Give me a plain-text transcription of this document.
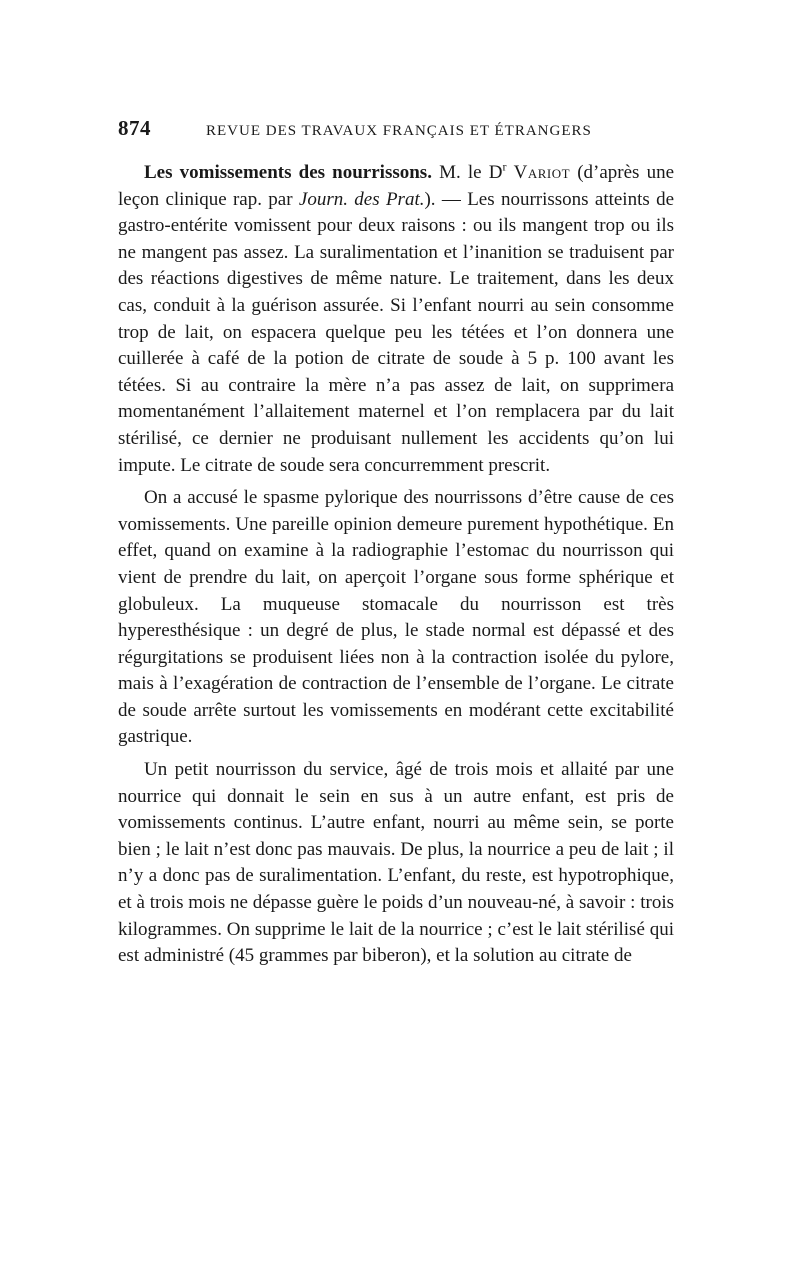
874	REVUE DES TRAVAUX FRANÇAIS ET ÉTRANGERS

Les vomissements des nourrissons. M. le $D^r$ Variot (d’après une leçon clinique rap. par Journ. des Prat.). — Les nourrissons atteints de gastro-entérite vomissent pour deux raisons : ou ils mangent trop ou ils ne mangent pas assez. La suralimentation et l’inanition se traduisent par des réactions digestives de même nature. Le traitement, dans les deux cas, conduit à la guérison assurée. Si l’enfant nourri au sein consomme trop de lait, on espacera quelque peu les tétées et l’on donnera une cuillerée à café de la potion de citrate de soude à 5 p. 100 avant les tétées. Si au contraire la mère n’a pas assez de lait, on supprimera momentanément l’allaitement maternel et l’on remplacera par du lait stérilisé, ce dernier ne produisant nullement les accidents qu’on lui impute. Le citrate de soude sera concurremment prescrit.

On a accusé le spasme pylorique des nourrissons d’être cause de ces vomissements. Une pareille opinion demeure purement hypothétique. En effet, quand on examine à la radiographie l’estomac du nourrisson qui vient de prendre du lait, on aperçoit l’organe sous forme sphérique et globuleux. La muqueuse stomacale du nourrisson est très hyperesthésique : un degré de plus, le stade normal est dépassé et des régurgitations se produisent liées non à la contraction isolée du pylore, mais à l’exagération de contraction de l’ensemble de l’organe. Le citrate de soude arrête surtout les vomissements en modérant cette excitabilité gastrique.

Un petit nourrisson du service, âgé de trois mois et allaité par une nourrice qui donnait le sein en sus à un autre enfant, est pris de vomissements continus. L’autre enfant, nourri au même sein, se porte bien ; le lait n’est donc pas mauvais. De plus, la nourrice a peu de lait ; il n’y a donc pas de suralimentation. L’enfant, du reste, est hypotrophique, et à trois mois ne dépasse guère le poids d’un nouveau-né, à savoir : trois kilogrammes. On supprime le lait de la nourrice ; c’est le lait stérilisé qui est administré (45 grammes par biberon), et la solution au citrate de
